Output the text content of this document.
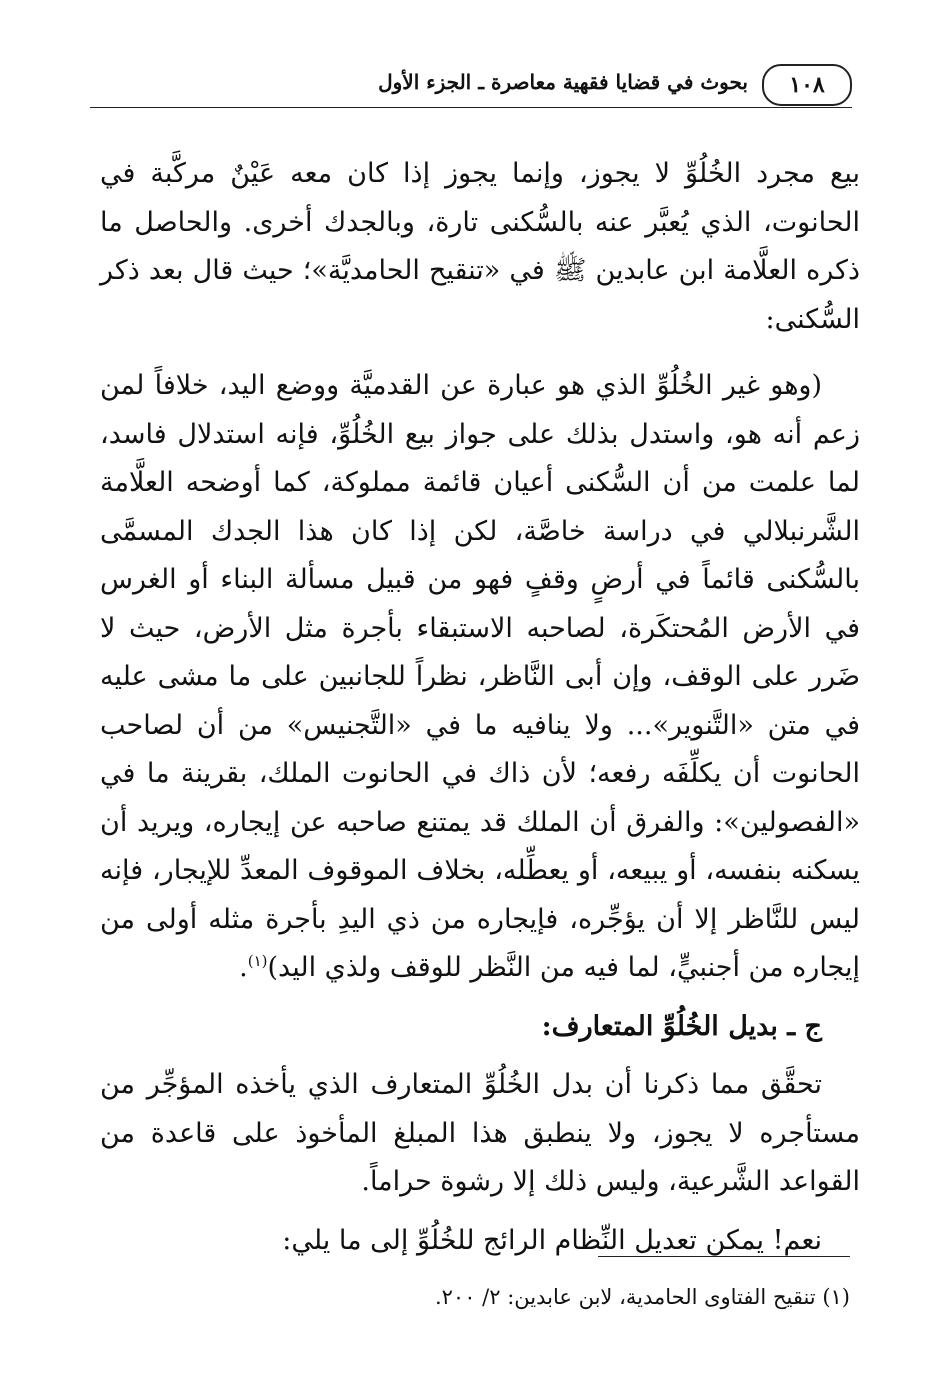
١٠٨
بحوث في قضايا فقهية معاصرة ـ الجزء الأول

بيع مجرد الخُلُوِّ لا يجوز، وإنما يجوز إذا كان معه عَيْنٌ مركَّبة في الحانوت، الذي يُعبَّر عنه بالسُّكنى تارة، وبالجدك أخرى. والحاصل ما ذكره العلَّامة ابن عابدين ﷺ في «تنقيح الحامديَّة»؛ حيث قال بعد ذكر السُّكنى:

(وهو غير الخُلُوِّ الذي هو عبارة عن القدميَّة ووضع اليد، خلافاً لمن زعم أنه هو، واستدل بذلك على جواز بيع الخُلُوِّ، فإنه استدلال فاسد، لما علمت من أن السُّكنى أعيان قائمة مملوكة، كما أوضحه العلَّامة الشَّرنبلالي في دراسة خاصَّة، لكن إذا كان هذا الجدك المسمَّى بالسُّكنى قائماً في أرضٍ وقفٍ فهو من قبيل مسألة البناء أو الغرس في الأرض المُحتكَرة، لصاحبه الاستبقاء بأجرة مثل الأرض، حيث لا ضَرر على الوقف، وإن أبى النَّاظر، نظراً للجانبين على ما مشى عليه في متن «التَّنوير»... ولا ينافيه ما في «التَّجنيس» من أن لصاحب الحانوت أن يكلِّفَه رفعه؛ لأن ذاك في الحانوت الملك، بقرينة ما في «الفصولين»: والفرق أن الملك قد يمتنع صاحبه عن إيجاره، ويريد أن يسكنه بنفسه، أو يبيعه، أو يعطِّله، بخلاف الموقوف المعدِّ للإيجار، فإنه ليس للنَّاظر إلا أن يؤجِّره، فإيجاره من ذي اليدِ بأجرة مثله أولى من إيجاره من أجنبيٍّ، لما فيه من النَّظر للوقف ولذي اليد)$^{(١)}$.

ج ـ بديل الخُلُوِّ المتعارف:

تحقَّق مما ذكرنا أن بدل الخُلُوِّ المتعارف الذي يأخذه المؤجِّر من مستأجره لا يجوز، ولا ينطبق هذا المبلغ المأخوذ على قاعدة من القواعد الشَّرعية، وليس ذلك إلا رشوة حراماً.

نعم! يمكن تعديل النِّظام الرائج للخُلُوِّ إلى ما يلي:

(١) تنقيح الفتاوى الحامدية، لابن عابدين: ٢/ ٢٠٠.
